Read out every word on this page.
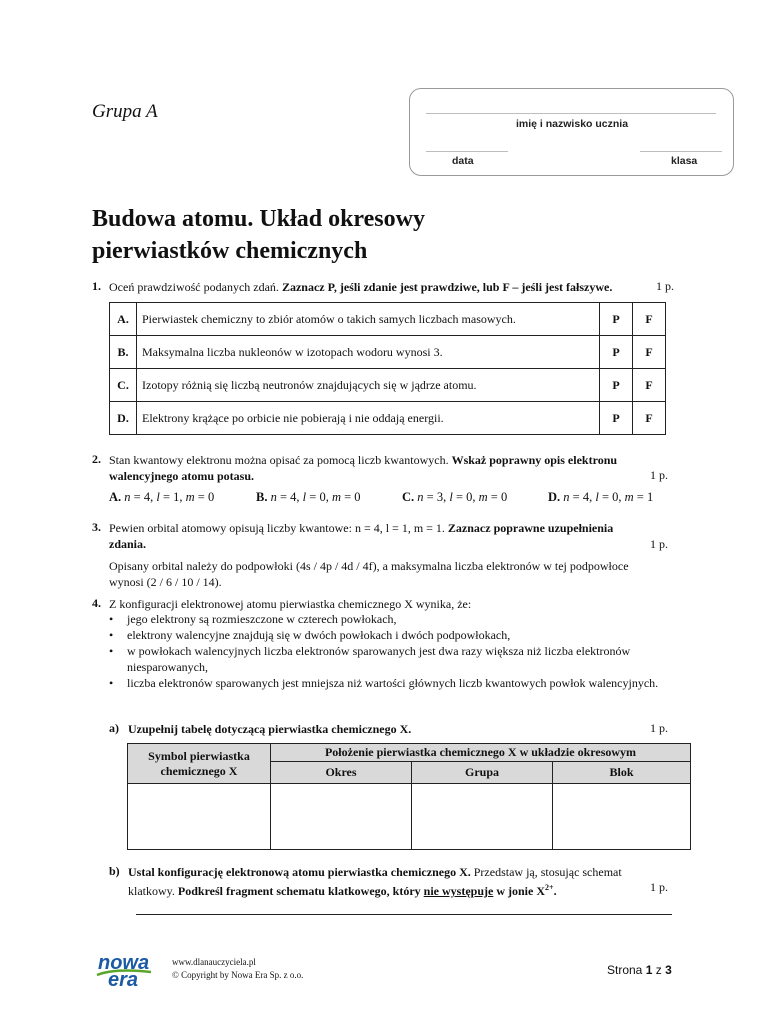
Grupa A
imię i nazwisko ucznia
data	klasa
Budowa atomu. Układ okresowy
pierwiastków chemicznych
1. Oceń prawdziwość podanych zdań. Zaznacz P, jeśli zdanie jest prawdziwe, lub F – jeśli jest fałszywe.	1 p.
A.	Pierwiastek chemiczny to zbiór atomów o takich samych liczbach masowych.	P	F
B.	Maksymalna liczba nukleonów w izotopach wodoru wynosi 3.	P	F
C.	Izotopy różnią się liczbą neutronów znajdujących się w jądrze atomu.	P	F
D.	Elektrony krążące po orbicie nie pobierają i nie oddają energii.	P	F
2. Stan kwantowy elektronu można opisać za pomocą liczb kwantowych. Wskaż poprawny opis elektronu
walencyjnego atomu potasu.	1 p.
A. n = 4, l = 1, m = 0	B. n = 4, l = 0, m = 0	C. n = 3, l = 0, m = 0	D. n = 4, l = 0, m = 1
3. Pewien orbital atomowy opisują liczby kwantowe: n = 4, l = 1, m = 1. Zaznacz poprawne uzupełnienia
zdania.	1 p.
Opisany orbital należy do podpowłoki (4s / 4p / 4d / 4f), a maksymalna liczba elektronów w tej podpowłoce
wynosi (2 / 6 / 10 / 14).
4. Z konfiguracji elektronowej atomu pierwiastka chemicznego X wynika, że:
• jego elektrony są rozmieszczone w czterech powłokach,
• elektrony walencyjne znajdują się w dwóch powłokach i dwóch podpowłokach,
• w powłokach walencyjnych liczba elektronów sparowanych jest dwa razy większa niż liczba elektronów niesparowanych,
• liczba elektronów sparowanych jest mniejsza niż wartości głównych liczb kwantowych powłok walencyjnych.
a) Uzupełnij tabelę dotyczącą pierwiastka chemicznego X.	1 p.
Symbol pierwiastka chemicznego X	Położenie pierwiastka chemicznego X w układzie okresowym		
	Okres	Grupa	Blok

b) Ustal konfigurację elektronową atomu pierwiastka chemicznego X. Przedstaw ją, stosując schemat
klatkowy. Podkreśl fragment schematu klatkowego, który nie występuje w jonie $X^{2+}$.	1 p.
nowa
era
www.dlanauczyciela.pl
© Copyright by Nowa Era Sp. z o.o.	Strona 1 z 3
